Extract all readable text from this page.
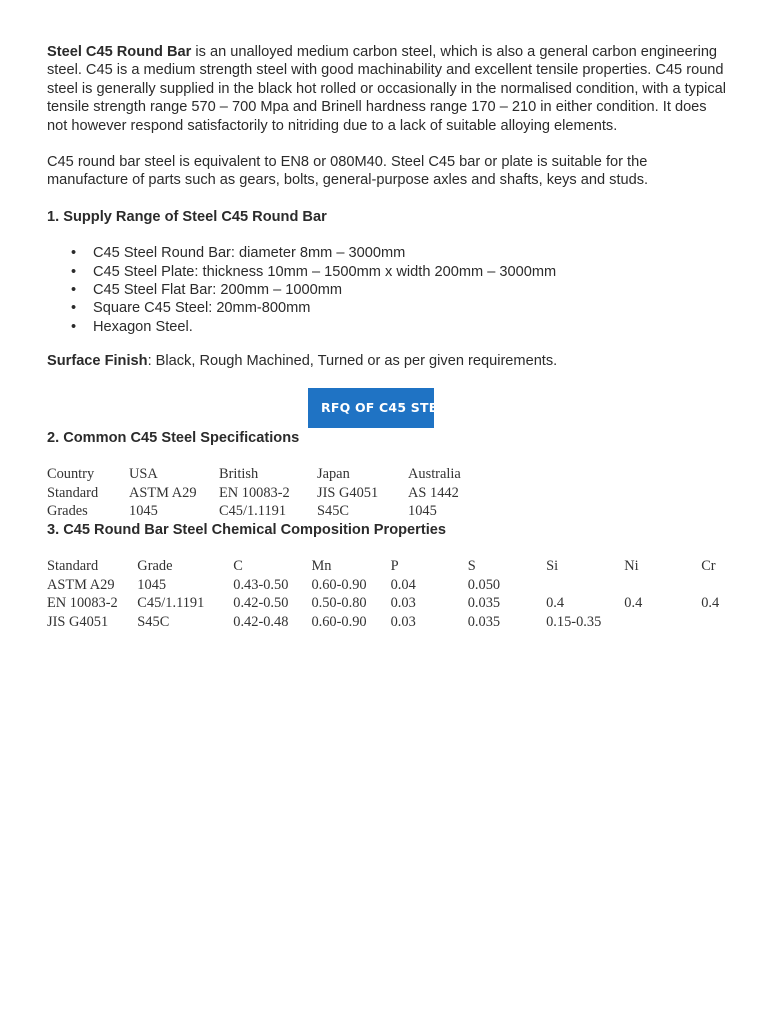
Steel C45 Round Bar is an unalloyed medium carbon steel, which is also a general carbon engineering steel. C45 is a medium strength steel with good machinability and excellent tensile properties. C45 round steel is generally supplied in the black hot rolled or occasionally in the normalised condition, with a typical tensile strength range 570 – 700 Mpa and Brinell hardness range 170 – 210 in either condition. It does not however respond satisfactorily to nitriding due to a lack of suitable alloying elements.

C45 round bar steel is equivalent to EN8 or 080M40. Steel C45 bar or plate is suitable for the manufacture of parts such as gears, bolts, general-purpose axles and shafts, keys and studs.

1. Supply Range of Steel C45 Round Bar

• C45 Steel Round Bar: diameter 8mm – 3000mm
• C45 Steel Plate: thickness 10mm – 1500mm x width 200mm – 3000mm
• C45 Steel Flat Bar: 200mm – 1000mm
• Square C45 Steel: 20mm-800mm
• Hexagon Steel.

Surface Finish: Black, Rough Machined, Turned or as per given requirements.

RFQ OF C45 STEEL

2. Common C45 Steel Specifications

Country	USA	British	Japan	Australia
Standard	ASTM A29	EN 10083-2	JIS G4051	AS 1442
Grades	1045	C45/1.1191	S45C	1045

3. C45 Round Bar Steel Chemical Composition Properties

Standard	Grade	C	Mn	P	S	Si	Ni	Cr
ASTM A29	1045	0.43-0.50	0.60-0.90	0.04	0.050			
EN 10083-2	C45/1.1191	0.42-0.50	0.50-0.80	0.03	0.035	0.4	0.4	0.4
JIS G4051	S45C	0.42-0.48	0.60-0.90	0.03	0.035	0.15-0.35		
